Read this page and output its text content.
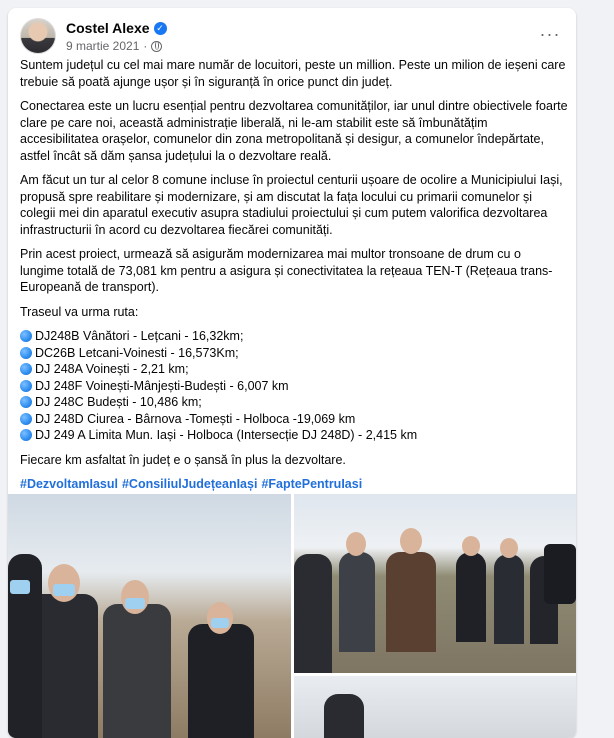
Costel Alexe ✓
9 martie 2021 ·
···

Suntem județul cu cel mai mare număr de locuitori, peste un million. Peste un milion de ieșeni care trebuie să poată ajunge ușor și în siguranță în orice punct din județ.

Conectarea este un lucru esențial pentru dezvoltarea comunităților, iar unul dintre obiectivele foarte clare pe care noi, această administrație liberală, ni le-am stabilit este să îmbunătățim accesibilitatea orașelor, comunelor din zona metropolitană și desigur, a comunelor îndepărtate, astfel încât să dăm șansa județului la o dezvoltare reală.

Am făcut un tur al celor 8 comune incluse în proiectul centurii ușoare de ocolire a Municipiului Iași, propusă spre reabilitare și modernizare, și am discutat la fața locului cu primarii comunelor și colegii mei din aparatul executiv asupra stadiului proiectului și cum putem valorifica dezvoltarea infrastructurii în acord cu dezvoltarea fiecărei comunități.

Prin acest proiect, urmează să asigurăm modernizarea mai multor tronsoane de drum cu o lungime totală de 73,081 km pentru a asigura și conectivitatea la rețeaua TEN-T (Rețeaua trans-Europeană de transport).

Traseul va urma ruta:

DJ248B Vânători - Lețcani - 16,32km;
DC26B Letcani-Voinesti - 16,573Km;
DJ 248A Voinești - 2,21 km;
DJ 248F Voinești-Mânjești-Budești - 6,007 km
DJ 248C Budești - 10,486 km;
DJ 248D Ciurea - Bârnova -Tomești - Holboca -19,069 km
DJ 249 A Limita Mun. Iași - Holboca (Intersecție DJ 248D) - 2,415 km

Fiecare km asfaltat în județ e o șansă în plus la dezvoltare.

#DezvoltamIasul #ConsiliulJudețeanIași #FaptePentruIasi
